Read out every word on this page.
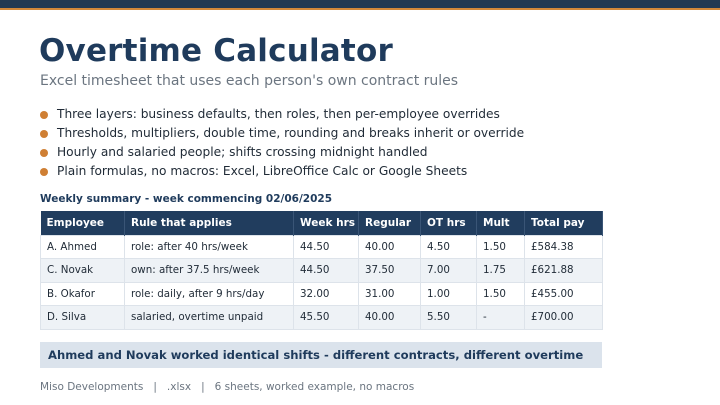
Overtime Calculator
Excel timesheet that uses each person's own contract rules
Three layers: business defaults, then roles, then per-employee overrides
Thresholds, multipliers, double time, rounding and breaks inherit or override
Hourly and salaried people; shifts crossing midnight handled
Plain formulas, no macros: Excel, LibreOffice Calc or Google Sheets
Weekly summary - week commencing 02/06/2025
Employee	Rule that applies	Week hrs	Regular	OT hrs	Mult	Total pay
A. Ahmed	role: after 40 hrs/week	44.50	40.00	4.50	1.50	£584.38
C. Novak	own: after 37.5 hrs/week	44.50	37.50	7.00	1.75	£621.88
B. Okafor	role: daily, after 9 hrs/day	32.00	31.00	1.00	1.50	£455.00
D. Silva	salaried, overtime unpaid	45.50	40.00	5.50	-	£700.00
Ahmed and Novak worked identical shifts - different contracts, different overtime
Miso Developments   |   .xlsx   |   6 sheets, worked example, no macros
